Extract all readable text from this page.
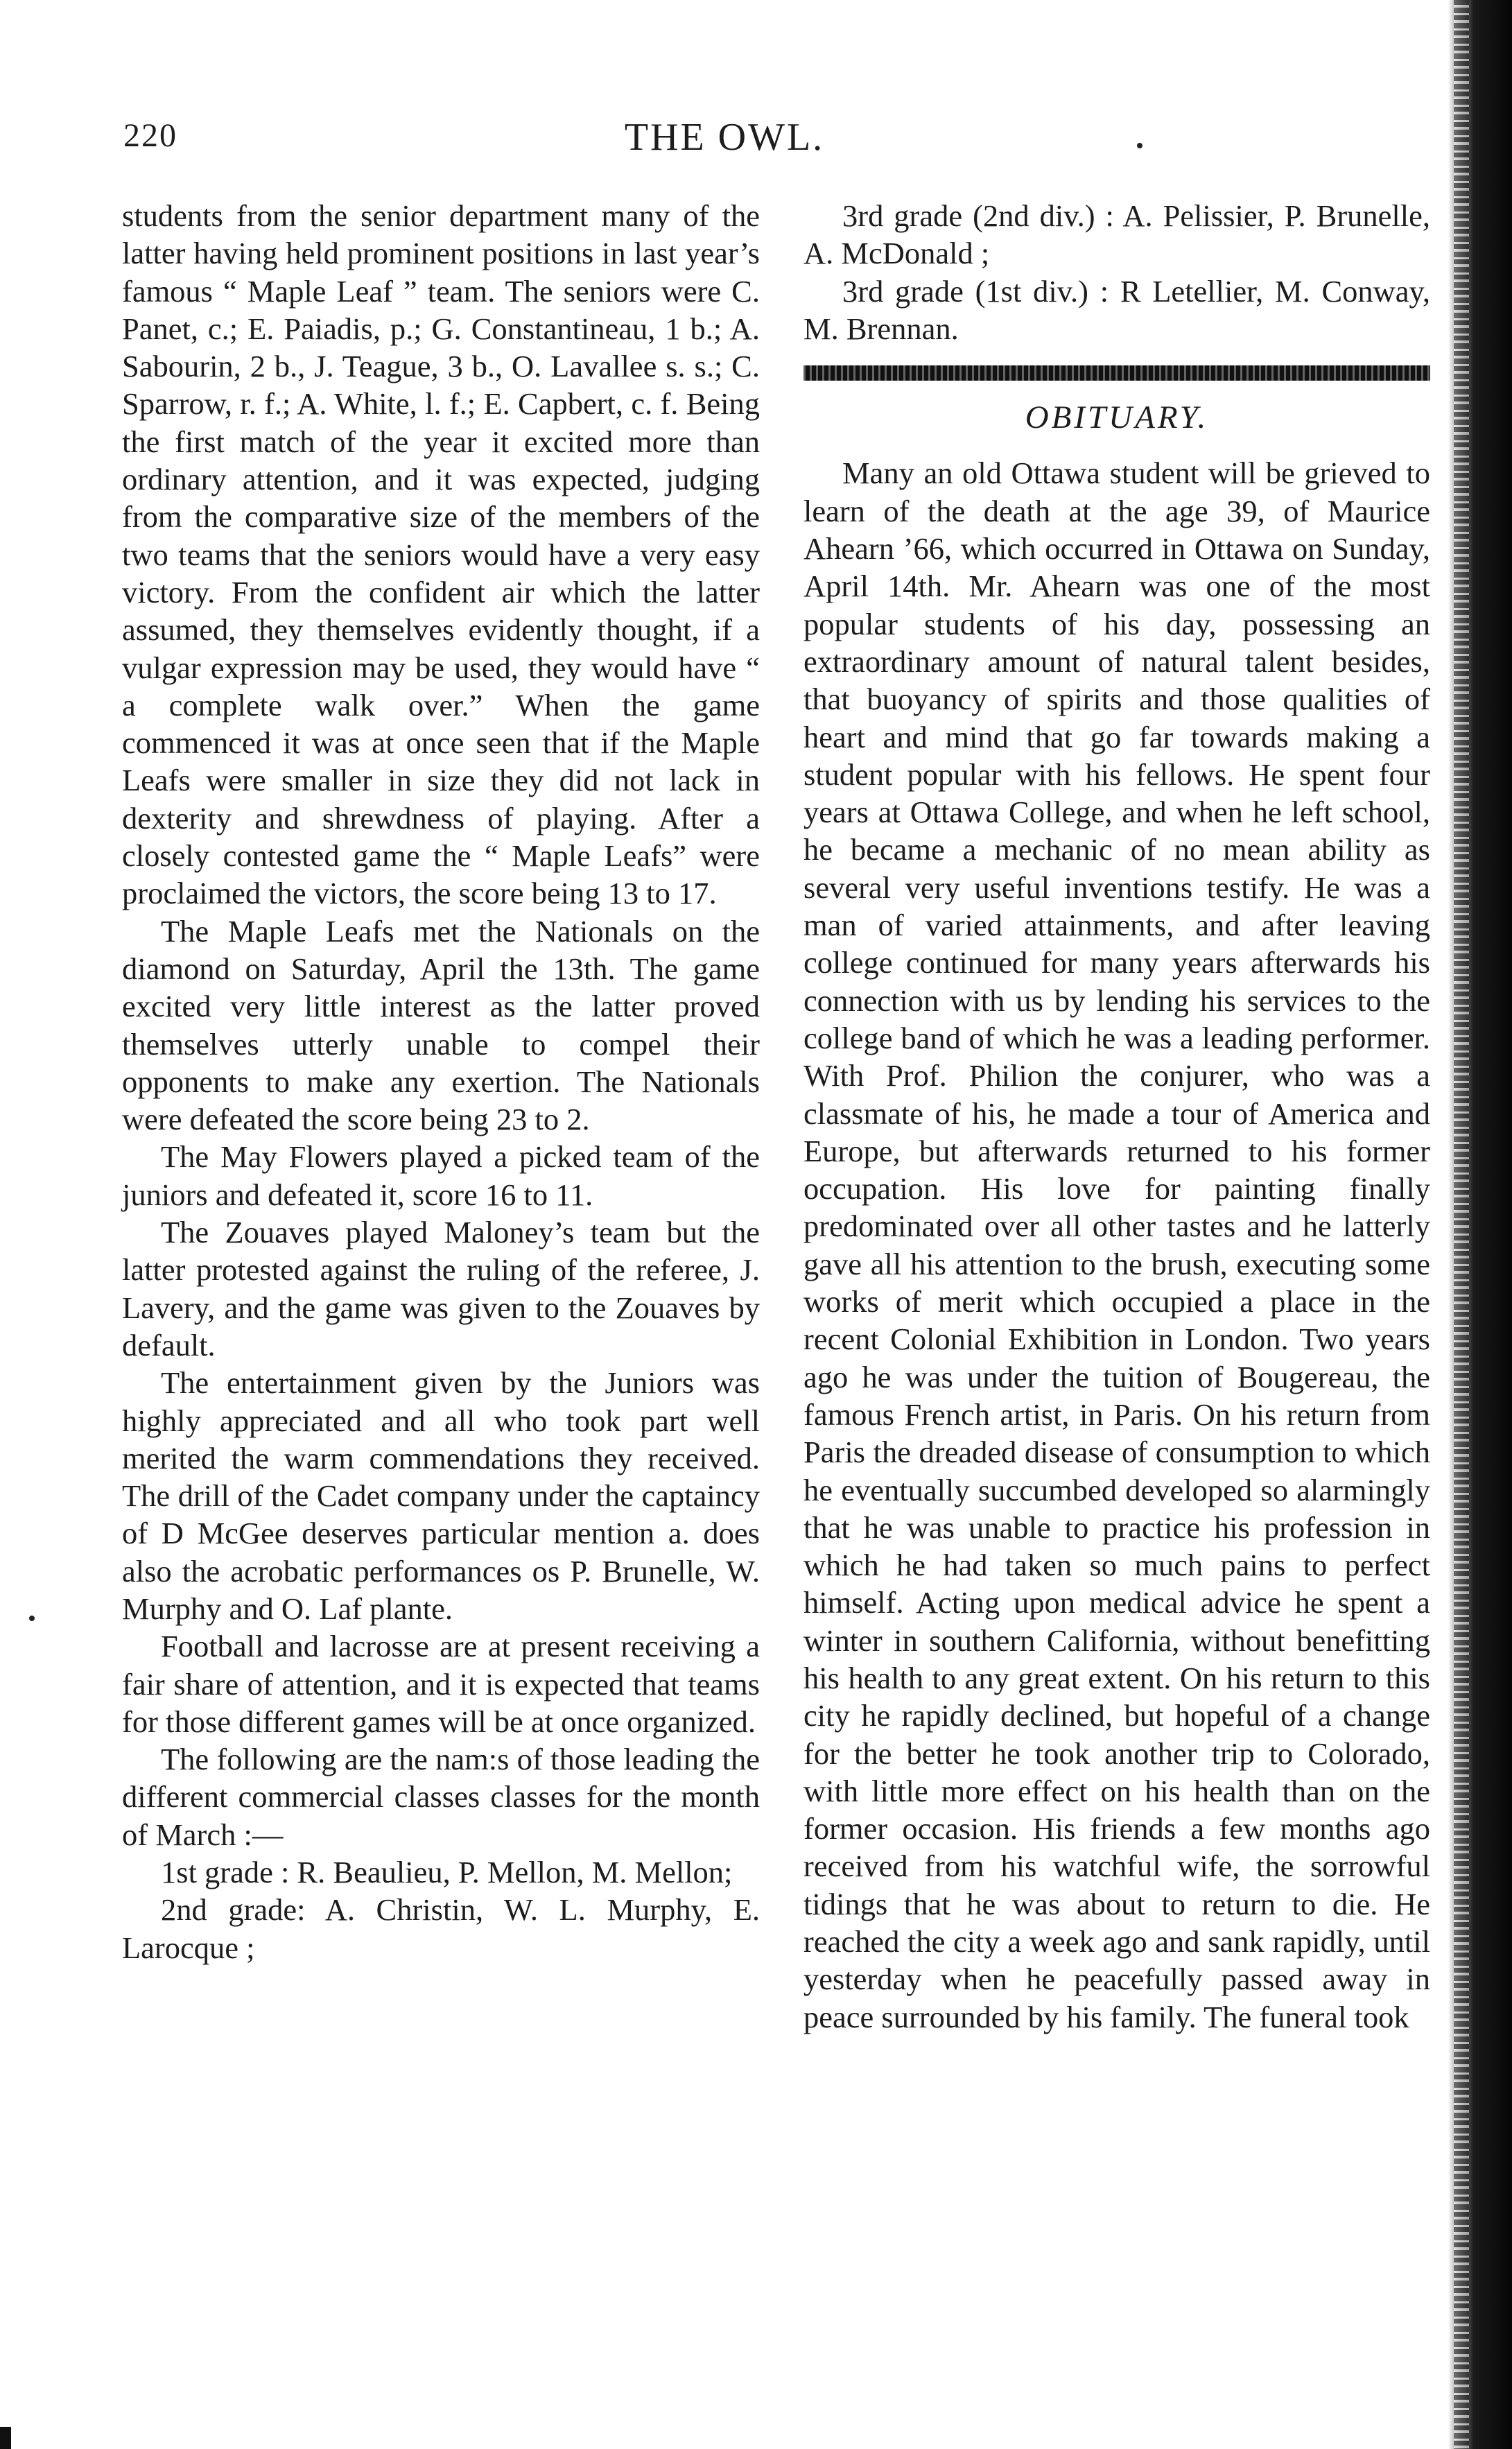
220	THE OWL.

students from the senior department many of the latter having held prominent positions in last year’s famous “ Maple Leaf ” team. The seniors were C. Panet, c.; E. Paiadis, p.; G. Constantineau, 1 b.; A. Sabourin, 2 b., J. Teague, 3 b., O. Lavallee s. s.; C. Sparrow, r. f.; A. White, l. f.; E. Capbert, c. f. Being the first match of the year it excited more than ordinary attention, and it was expected, judging from the comparative size of the members of the two teams that the seniors would have a very easy victory. From the confident air which the latter assumed, they themselves evidently thought, if a vulgar expression may be used, they would have “ a complete walk over.” When the game commenced it was at once seen that if the Maple Leafs were smaller in size they did not lack in dexterity and shrewdness of playing. After a closely contested game the “ Maple Leafs” were proclaimed the victors, the score being 13 to 17.

The Maple Leafs met the Nationals on the diamond on Saturday, April the 13th. The game excited very little interest as the latter proved themselves utterly unable to compel their opponents to make any exertion. The Nationals were defeated the score being 23 to 2.

The May Flowers played a picked team of the juniors and defeated it, score 16 to 11.

The Zouaves played Maloney’s team but the latter protested against the ruling of the referee, J. Lavery, and the game was given to the Zouaves by default.

The entertainment given by the Juniors was highly appreciated and all who took part well merited the warm commendations they received. The drill of the Cadet company under the captaincy of D McGee deserves particular mention a. does also the acrobatic performances os P. Brunelle, W. Murphy and O. Laf plante.

Football and lacrosse are at present receiving a fair share of attention, and it is expected that teams for those different games will be at once organized.

The following are the nam:s of those leading the different commercial classes classes for the month of March :—

1st grade : R. Beaulieu, P. Mellon, M. Mellon;

2nd grade: A. Christin, W. L. Murphy, E. Larocque ;

3rd grade (2nd div.) : A. Pelissier, P. Brunelle, A. McDonald ;

3rd grade (1st div.) : R Letellier, M. Conway, M. Brennan.

OBITUARY.

Many an old Ottawa student will be grieved to learn of the death at the age 39, of Maurice Ahearn ’66, which occurred in Ottawa on Sunday, April 14th. Mr. Ahearn was one of the most popular students of his day, possessing an extraordinary amount of natural talent besides, that buoyancy of spirits and those qualities of heart and mind that go far towards making a student popular with his fellows. He spent four years at Ottawa College, and when he left school, he became a mechanic of no mean ability as several very useful inventions testify. He was a man of varied attainments, and after leaving college continued for many years afterwards his connection with us by lending his services to the college band of which he was a leading performer. With Prof. Philion the conjurer, who was a classmate of his, he made a tour of America and Europe, but afterwards returned to his former occupation. His love for painting finally predominated over all other tastes and he latterly gave all his attention to the brush, executing some works of merit which occupied a place in the recent Colonial Exhibition in London. Two years ago he was under the tuition of Bougereau, the famous French artist, in Paris. On his return from Paris the dreaded disease of consumption to which he eventually succumbed developed so alarmingly that he was unable to practice his profession in which he had taken so much pains to perfect himself. Acting upon medical advice he spent a winter in southern California, without benefitting his health to any great extent. On his return to this city he rapidly declined, but hopeful of a change for the better he took another trip to Colorado, with little more effect on his health than on the former occasion. His friends a few months ago received from his watchful wife, the sorrowful tidings that he was about to return to die. He reached the city a week ago and sank rapidly, until yesterday when he peacefully passed away in peace surrounded by his family. The funeral took
